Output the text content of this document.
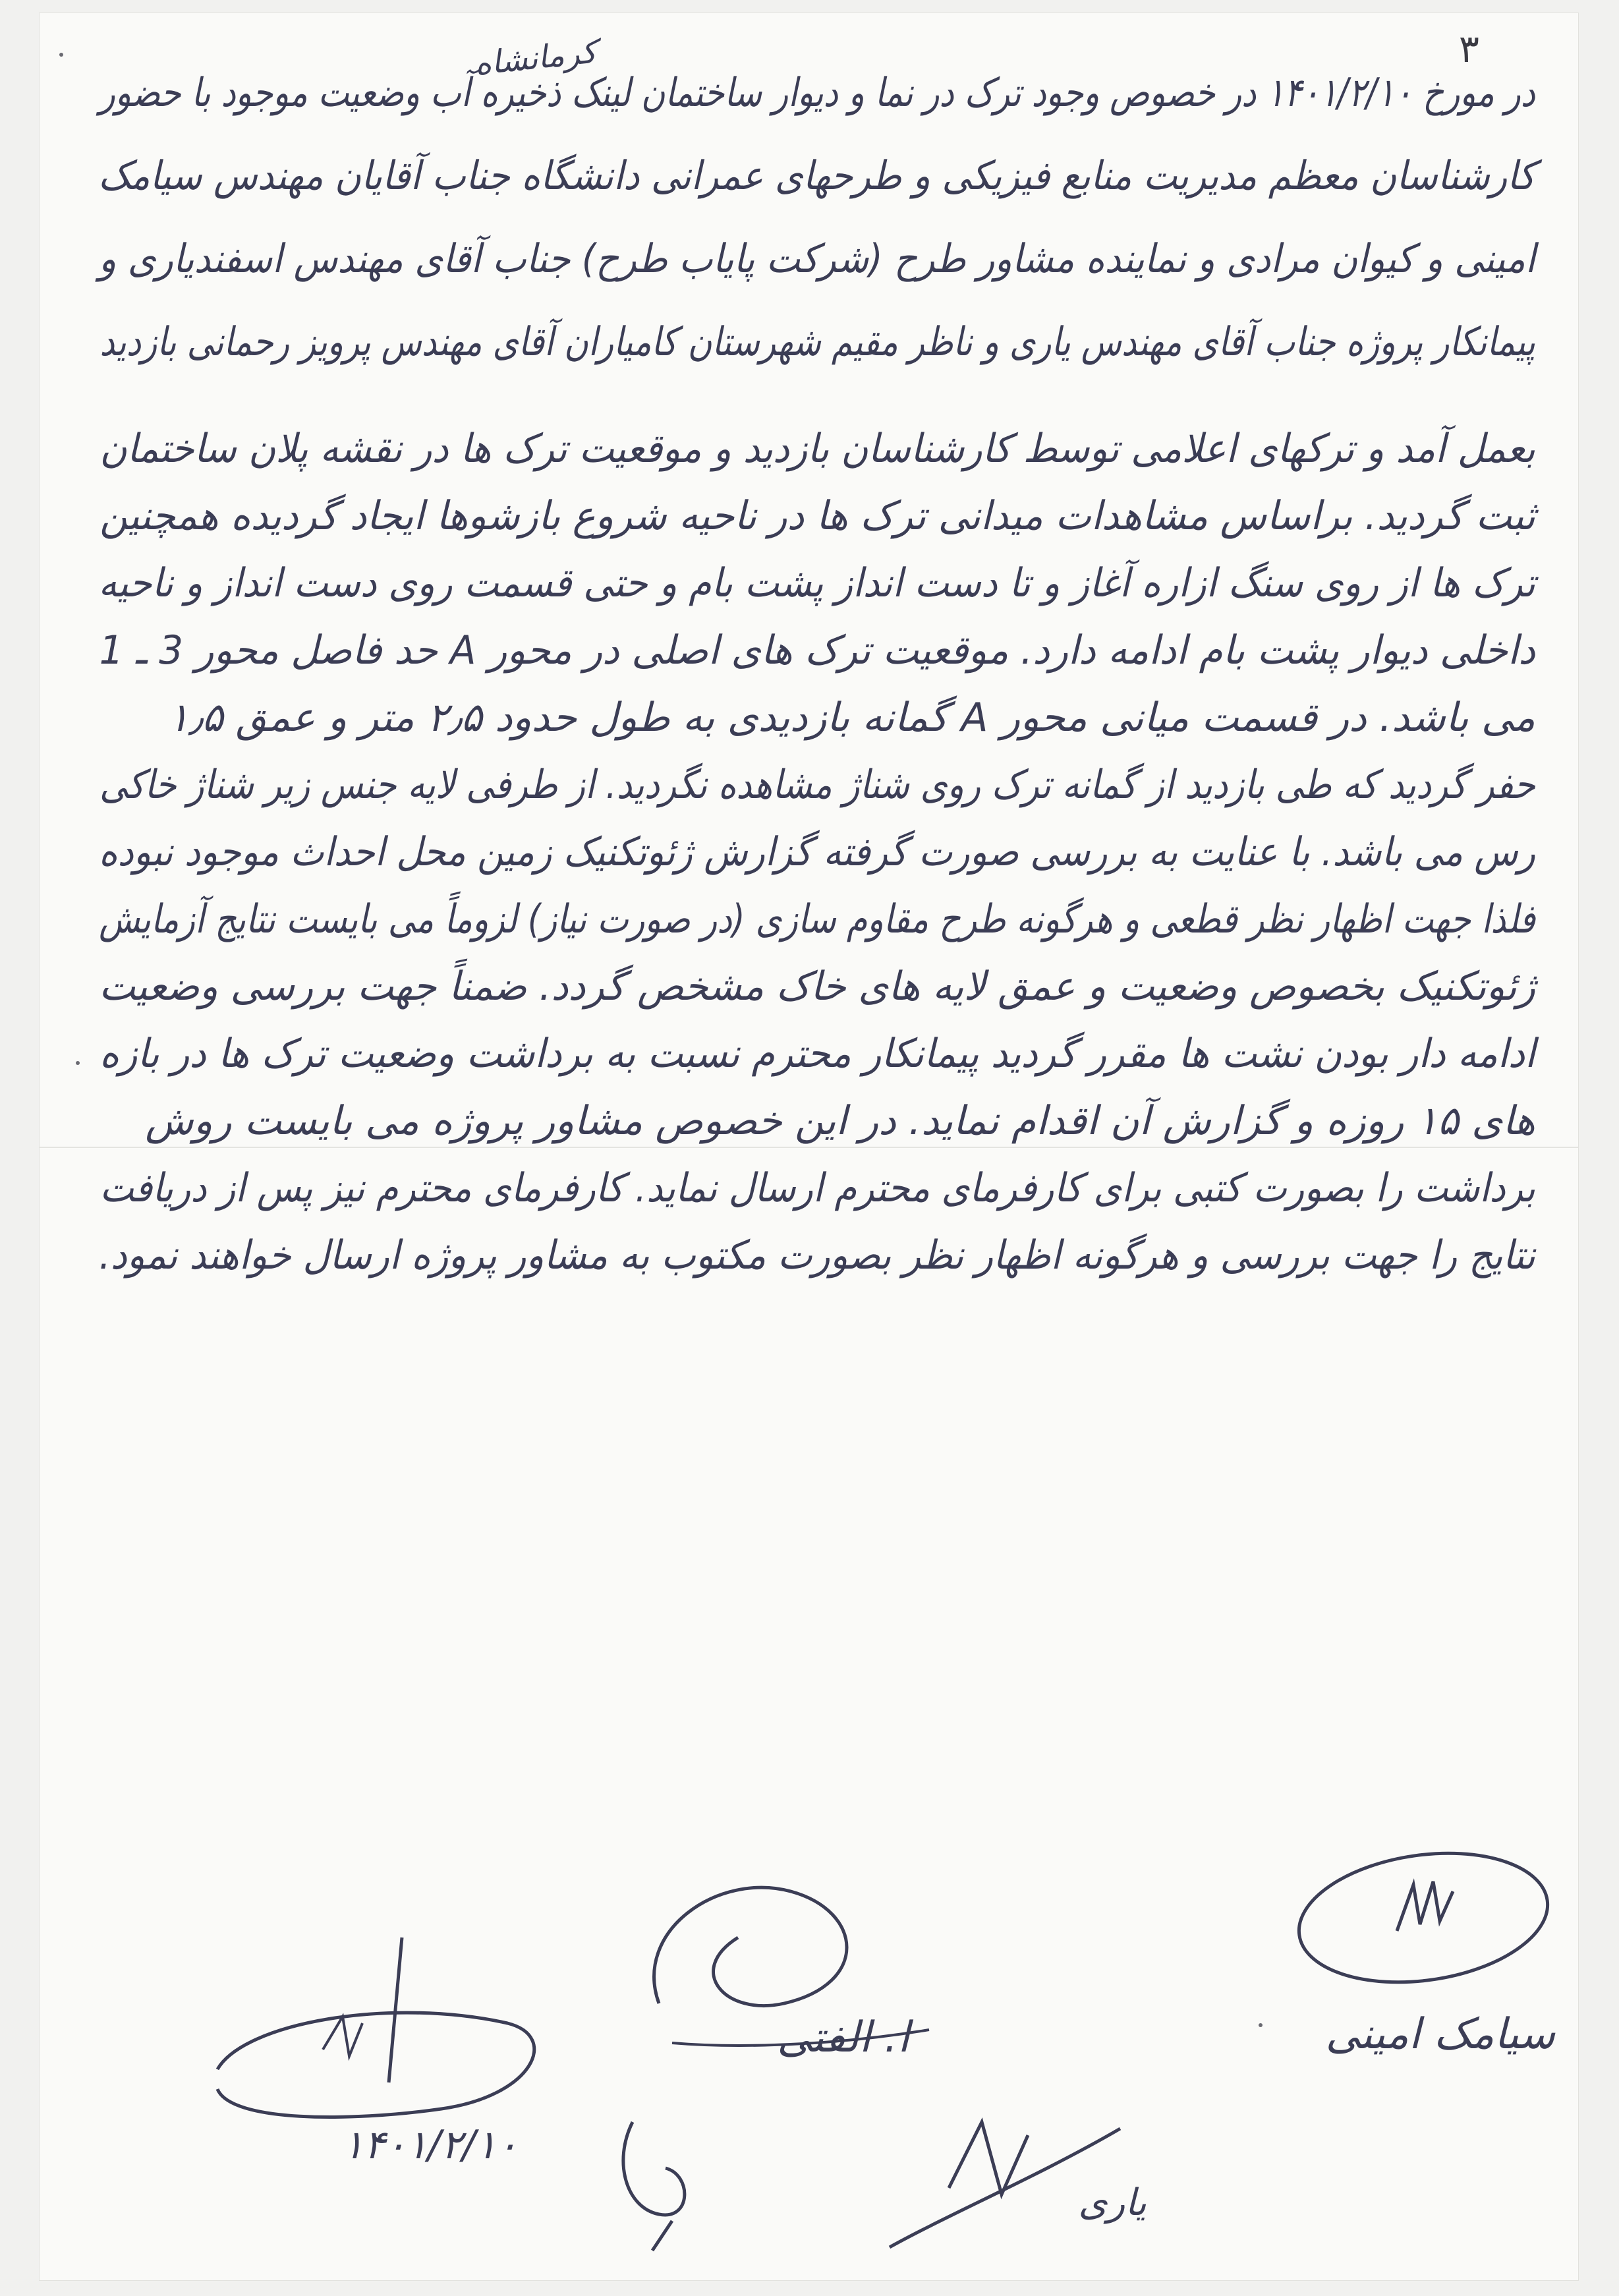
۳
کرمانشاه
در مورخ ۱۴۰۱/۲/۱۰ در خصوص وجود ترک در نما و دیوار ساختمان لینک ذخیره آب وضعیت موجود با حضور
کارشناسان معظم مدیریت منابع فیزیکی و طرحهای عمرانی دانشگاه جناب آقایان مهندس سیامک
امینی و کیوان مرادی و نماینده مشاور طرح (شرکت پایاب طرح) جناب آقای مهندس اسفندیاری و
پیمانکار پروژه جناب آقای مهندس یاری و ناظر مقیم شهرستان کامیاران آقای مهندس پرویز رحمانی بازدید
بعمل آمد و ترکهای اعلامی توسط کارشناسان بازدید و موقعیت ترک ها در نقشه پلان ساختمان
ثبت گردید. براساس مشاهدات میدانی ترک ها در ناحیه شروع بازشوها ایجاد گردیده همچنین
ترک ها از روی سنگ ازاره آغاز و تا دست انداز پشت بام و حتی قسمت روی دست انداز و ناحیه
داخلی دیوار پشت بام ادامه دارد. موقعیت ترک های اصلی در محور A حد فاصل محور 3 ـ 1
می باشد. در قسمت میانی محور A گمانه بازدیدی به طول حدود ۲٫۵ متر و عمق ۱٫۵
حفر گردید که طی بازدید از گمانه ترک روی شناژ مشاهده نگردید. از طرفی لایه جنس زیر شناژ خاکی
رس می باشد. با عنایت به بررسی صورت گرفته گزارش ژئوتکنیک زمین محل احداث موجود نبوده
فلذا جهت اظهار نظر قطعی و هرگونه طرح مقاوم سازی (در صورت نیاز) لزوماً می بایست نتایج آزمایش
ژئوتکنیک بخصوص وضعیت و عمق لایه های خاک مشخص گردد. ضمناً جهت بررسی وضعیت
ادامه دار بودن نشت ها مقرر گردید پیمانکار محترم نسبت به برداشت وضعیت ترک ها در بازه
های ۱۵ روزه و گزارش آن اقدام نماید. در این خصوص مشاور پروژه می بایست روش
برداشت را بصورت کتبی برای کارفرمای محترم ارسال نماید. کارفرمای محترم نیز پس از دریافت
نتایج را جهت بررسی و هرگونه اظهار نظر بصورت مکتوب به مشاور پروژه ارسال خواهند نمود.
سیامک امینی
ا. الفتی
۱۴۰۱/۲/۱۰
یاری
